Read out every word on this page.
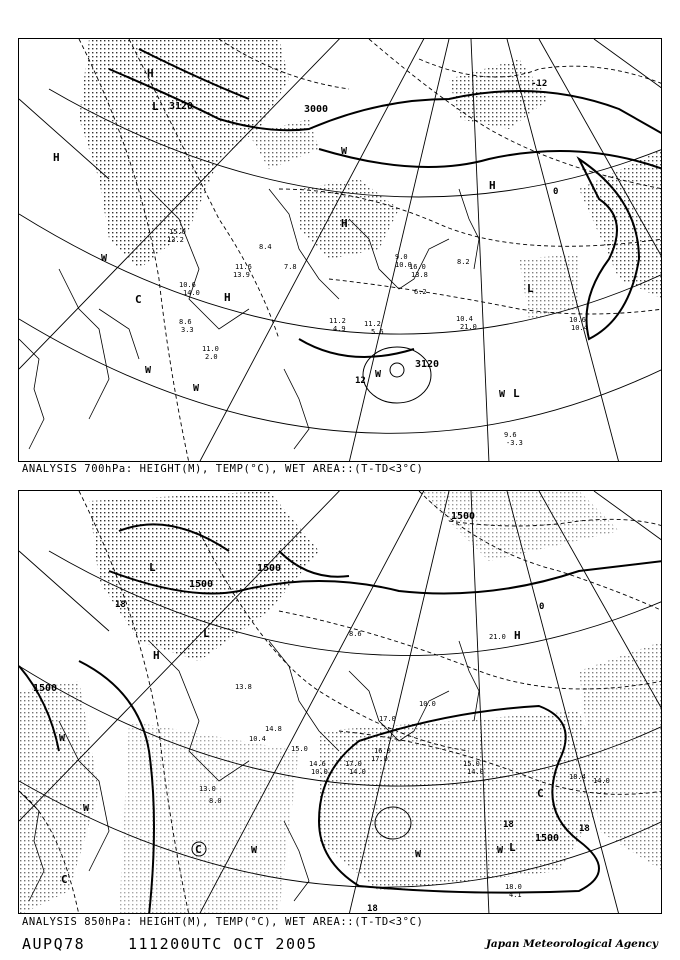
10.6
14.0
11.0
2.0
11.2
4.9
11.2
5.6
10.4
21.0
10.6
10.4
9.6
-3.3
11.6
13.9
8.4
7.8
9.0
10.0
16.0
13.8
6.2
8.2
15.0
13.2
8.6
3.3
3000
3120
3120
H
H
H
H
H
L
L
L
C
0
-12
12
W
W
W
W
W
W
ANALYSIS 700hPa: HEIGHT(M), TEMP(°C), WET AREA::(T-TD<3°C)
13.0
8.0
14.6
10.0
17.0
14.0
16.0
17.0
15.0
14.0
18.4 14.0
18.0
4.1
15.0
14.8
13.8
10.4
17.0
10.0
21.0
8.6
1500
1500
1500
1500
1500
H
H
L
L
L
C
C
C
0
18
18	18
18
W
W
W	W	W
ANALYSIS 850hPa: HEIGHT(M), TEMP(°C), WET AREA::(T-TD<3°C)
AUPQ78	111200UTC OCT 2005	Japan Meteorological Agency
